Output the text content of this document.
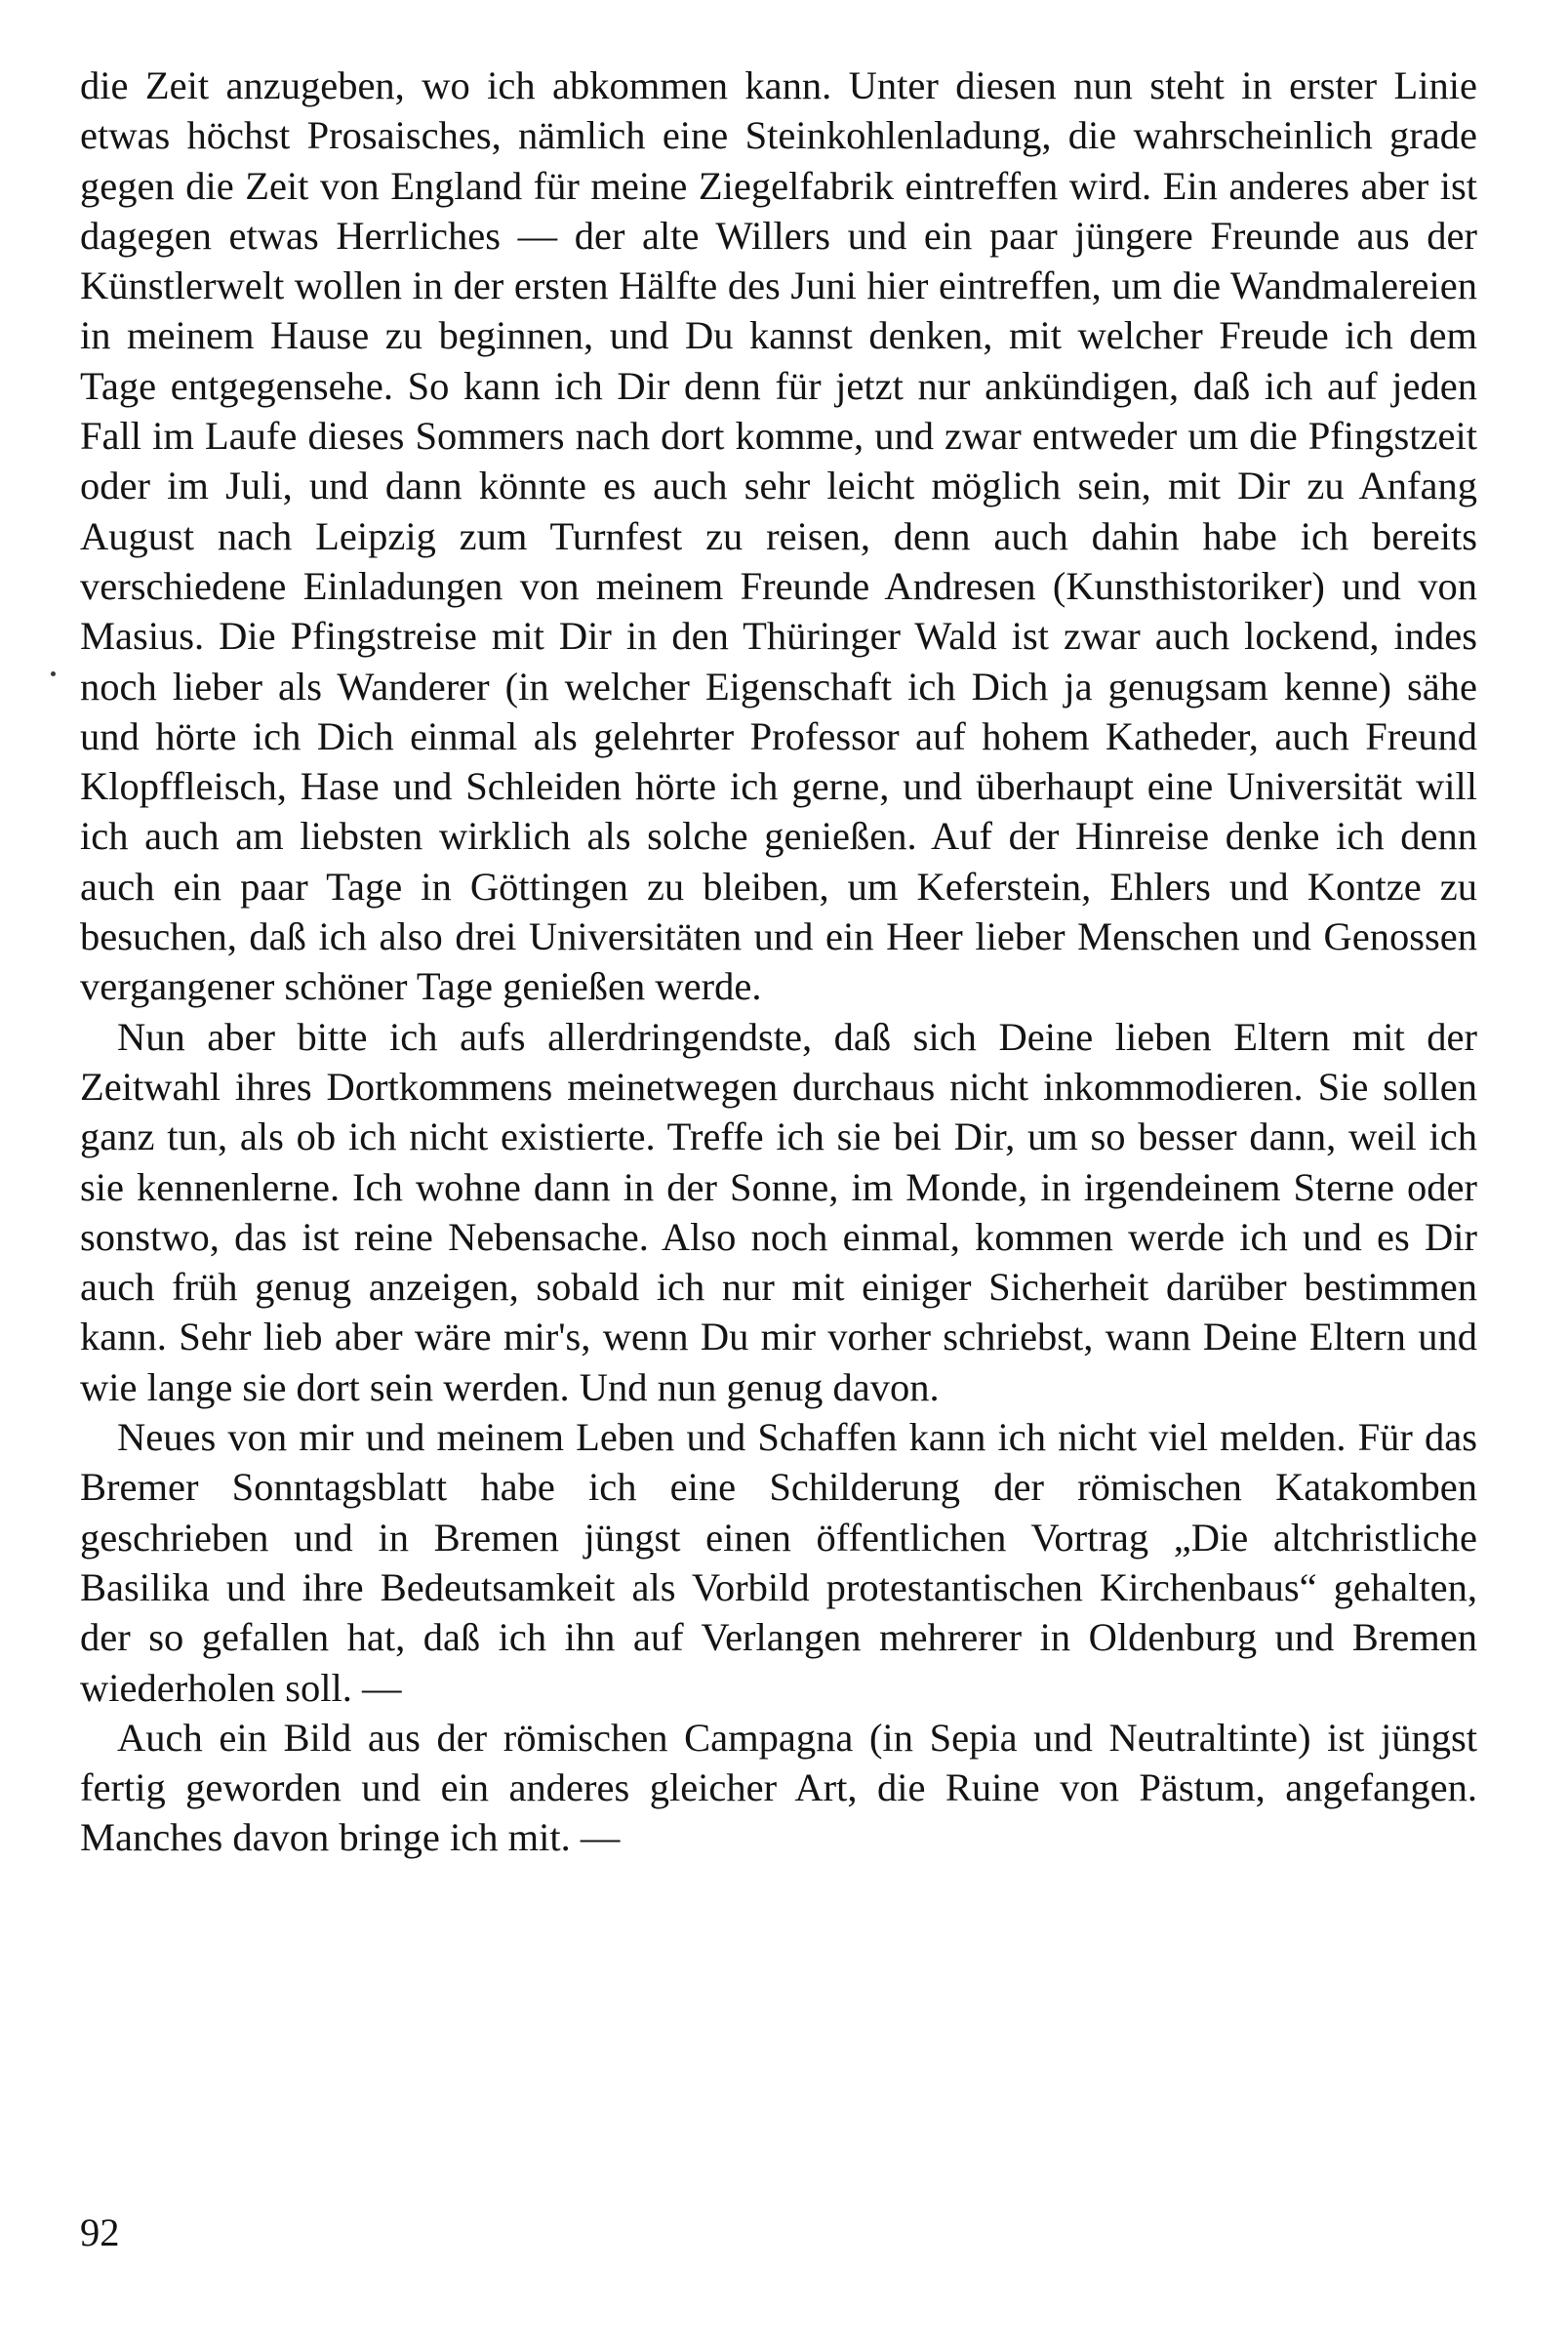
die Zeit anzugeben, wo ich abkommen kann. Unter diesen nun steht in erster Linie etwas höchst Prosaisches, nämlich eine Steinkohlenladung, die wahrscheinlich grade gegen die Zeit von England für meine Ziegelfabrik eintreffen wird. Ein anderes aber ist dagegen etwas Herrliches — der alte Willers und ein paar jüngere Freunde aus der Künstlerwelt wollen in der ersten Hälfte des Juni hier eintreffen, um die Wandmalereien in meinem Hause zu beginnen, und Du kannst denken, mit welcher Freude ich dem Tage entgegensehe. So kann ich Dir denn für jetzt nur ankündigen, daß ich auf jeden Fall im Laufe dieses Sommers nach dort komme, und zwar entweder um die Pfingstzeit oder im Juli, und dann könnte es auch sehr leicht möglich sein, mit Dir zu Anfang August nach Leipzig zum Turnfest zu reisen, denn auch dahin habe ich bereits verschiedene Einladungen von meinem Freunde Andresen (Kunsthistoriker) und von Masius. Die Pfingstreise mit Dir in den Thüringer Wald ist zwar auch lockend, indes noch lieber als Wanderer (in welcher Eigenschaft ich Dich ja genugsam kenne) sähe und hörte ich Dich einmal als gelehrter Professor auf hohem Katheder, auch Freund Klopffleisch, Hase und Schleiden hörte ich gerne, und überhaupt eine Universität will ich auch am liebsten wirklich als solche genießen. Auf der Hinreise denke ich denn auch ein paar Tage in Göttingen zu bleiben, um Keferstein, Ehlers und Kontze zu besuchen, daß ich also drei Universitäten und ein Heer lieber Menschen und Genossen vergangener schöner Tage genießen werde.

Nun aber bitte ich aufs allerdringendste, daß sich Deine lieben Eltern mit der Zeitwahl ihres Dortkommens meinetwegen durchaus nicht inkommodieren. Sie sollen ganz tun, als ob ich nicht existierte. Treffe ich sie bei Dir, um so besser dann, weil ich sie kennenlerne. Ich wohne dann in der Sonne, im Monde, in irgendeinem Sterne oder sonstwo, das ist reine Nebensache. Also noch einmal, kommen werde ich und es Dir auch früh genug anzeigen, sobald ich nur mit einiger Sicherheit darüber bestimmen kann. Sehr lieb aber wäre mir's, wenn Du mir vorher schriebst, wann Deine Eltern und wie lange sie dort sein werden. Und nun genug davon.

Neues von mir und meinem Leben und Schaffen kann ich nicht viel melden. Für das Bremer Sonntagsblatt habe ich eine Schilderung der römischen Katakomben geschrieben und in Bremen jüngst einen öffentlichen Vortrag „Die altchristliche Basilika und ihre Bedeutsamkeit als Vorbild protestantischen Kirchenbaus“ gehalten, der so gefallen hat, daß ich ihn auf Verlangen mehrerer in Oldenburg und Bremen wiederholen soll. —

Auch ein Bild aus der römischen Campagna (in Sepia und Neutraltinte) ist jüngst fertig geworden und ein anderes gleicher Art, die Ruine von Pästum, angefangen. Manches davon bringe ich mit. —

92
